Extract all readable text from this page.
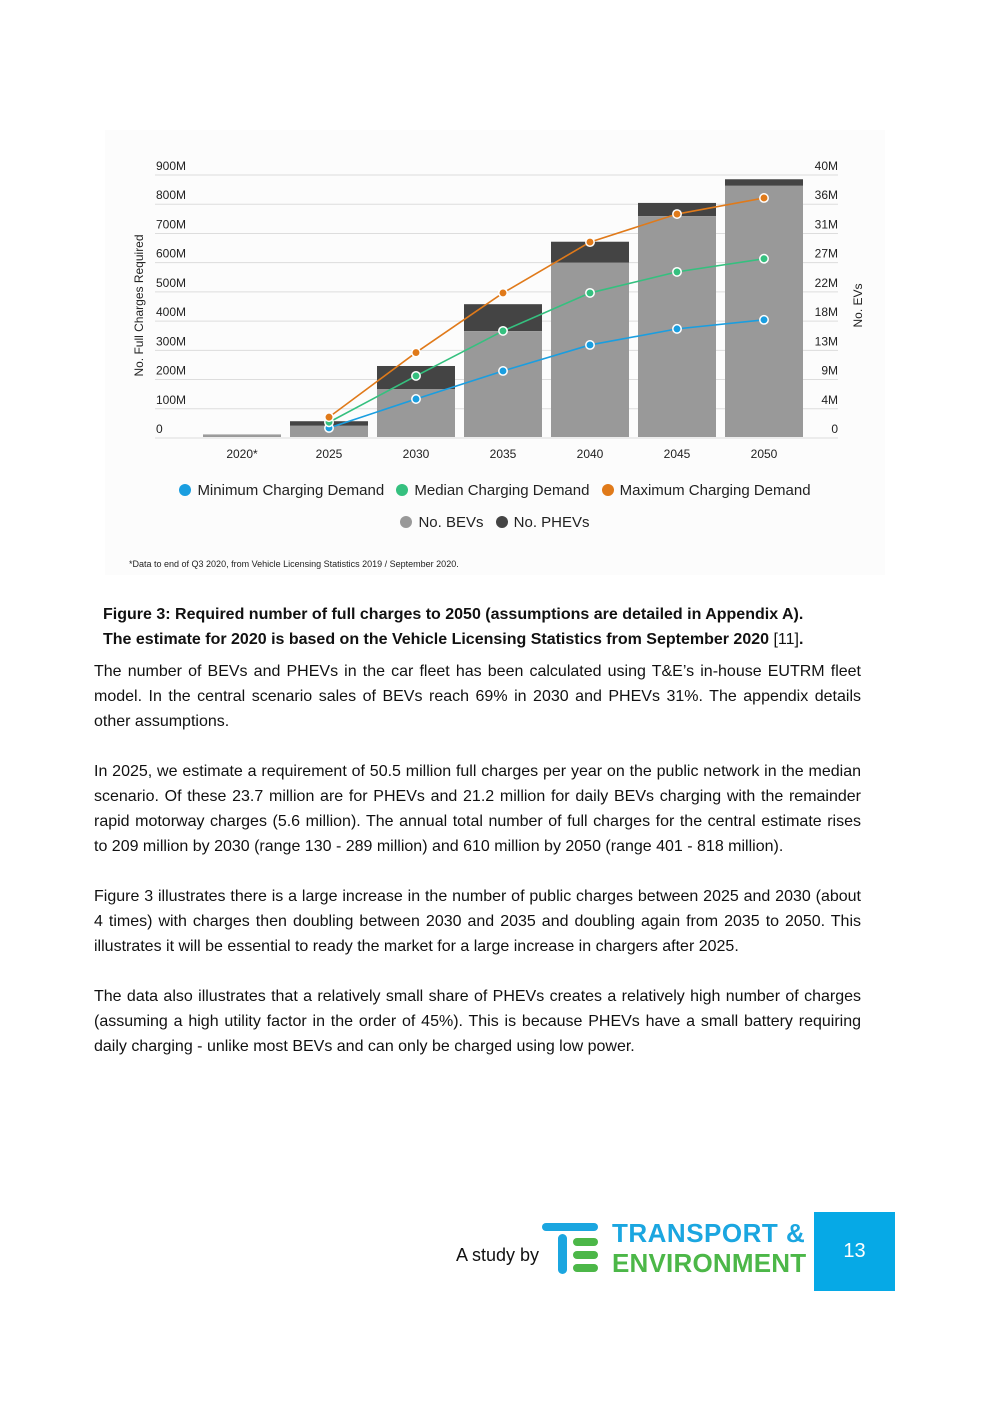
0	0
100M	4M
200M	9M
300M	13M
400M	18M
500M	22M
600M	27M
700M	31M
800M	36M
900M	40M
No. Full Charges Required	No. EVs
2020*	2025	2030	2035	2040	2045	2050
Minimum Charging Demand Median Charging Demand Maximum Charging Demand
No. BEVs No. PHEVs
*Data to end of Q3 2020, from Vehicle Licensing Statistics 2019 / September 2020.
Figure 3: Required number of full charges to 2050 (assumptions are detailed in Appendix A).
The estimate for 2020 is based on the Vehicle Licensing Statistics from September 2020 [11].

The number of BEVs and PHEVs in the car fleet has been calculated using T&E’s in-house EUTRM fleet model. In the central scenario sales of BEVs reach 69% in 2030 and PHEVs 31%. The appendix details other assumptions.

In 2025, we estimate a requirement of 50.5 million full charges per year on the public network in the median scenario. Of these 23.7 million are for PHEVs and 21.2 million for daily BEVs charging with the remainder rapid motorway charges (5.6 million). The annual total number of full charges for the central estimate rises to 209 million by 2030 (range 130 - 289 million) and 610 million by 2050 (range 401 - 818 million).

Figure 3 illustrates there is a large increase in the number of public charges between 2025 and 2030 (about 4 times) with charges then doubling between 2030 and 2035 and doubling again from 2035 to 2050. This illustrates it will be essential to ready the market for a large increase in chargers after 2025.

The data also illustrates that a relatively small share of PHEVs creates a relatively high number of charges (assuming a high utility factor in the order of 45%). This is because PHEVs have a small battery requiring daily charging - unlike most BEVs and can only be charged using low power.

A study by
TRANSPORT &
ENVIRONMENT	13
